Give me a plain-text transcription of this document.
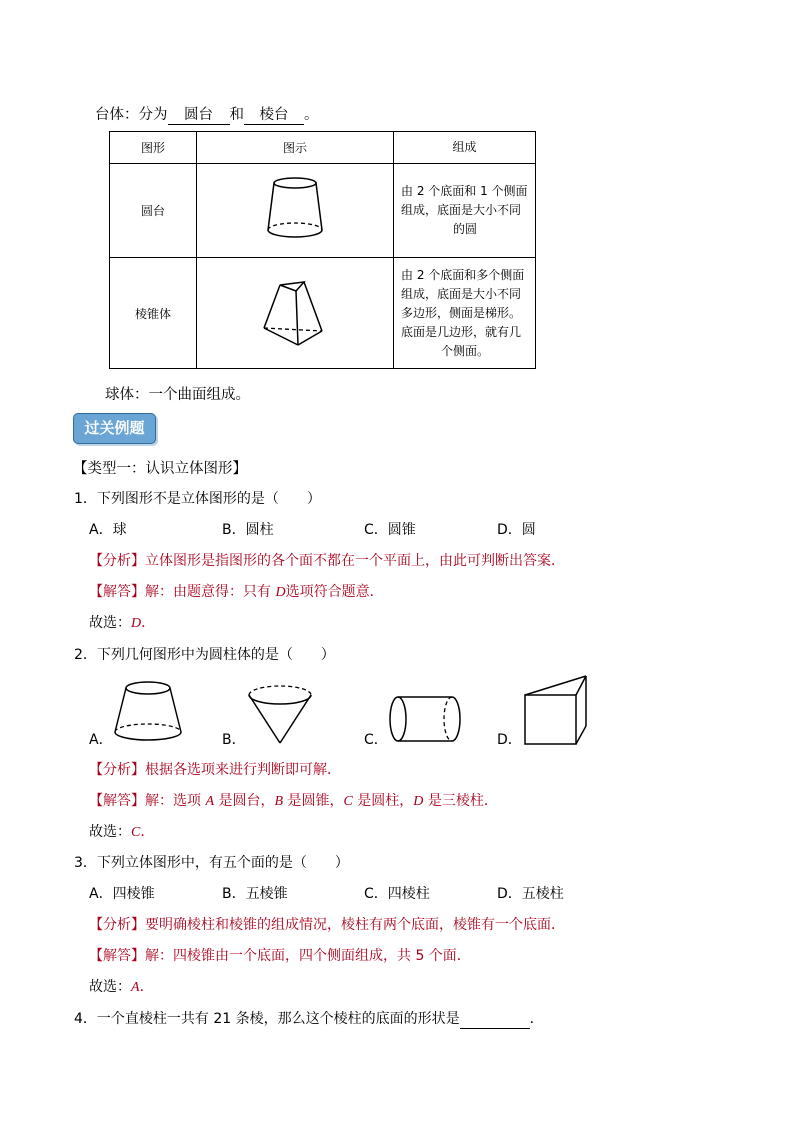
台体：分为 圆台 和 棱台 。
图形	图示	组成
圆台		由 2 个底面和 1 个侧面
组成，底面是大小不同

的圆

棱锥体		由 2 个底面和多个侧面
组成，底面是大小不同
多边形，侧面是梯形。
底面是几边形，就有几

个侧面。
球体：一个曲面组成。
过关例题
【类型一：认识立体图形】
1．下列图形不是立体图形的是（　　）
A．球	B．圆柱	C．圆锥	D．圆
【分析】立体图形是指图形的各个面不都在一个平面上，由此可判断出答案．
【解答】解：由题意得：只有 D选项符合题意．
故选：D．
2．下列几何图形中为圆柱体的是（　　）
A．	B．	C．	D．
【分析】根据各选项来进行判断即可解．
【解答】解：选项 A 是圆台，B 是圆锥，C 是圆柱，D 是三棱柱．
故选：C．
3．下列立体图形中，有五个面的是（　　）
A．四棱锥	B．五棱锥	C．四棱柱	D．五棱柱
【分析】要明确棱柱和棱锥的组成情况，棱柱有两个底面，棱锥有一个底面．
【解答】解：四棱锥由一个底面，四个侧面组成，共 5 个面．
故选：A．
4．一个直棱柱一共有 21 条棱，那么这个棱柱的底面的形状是	．
